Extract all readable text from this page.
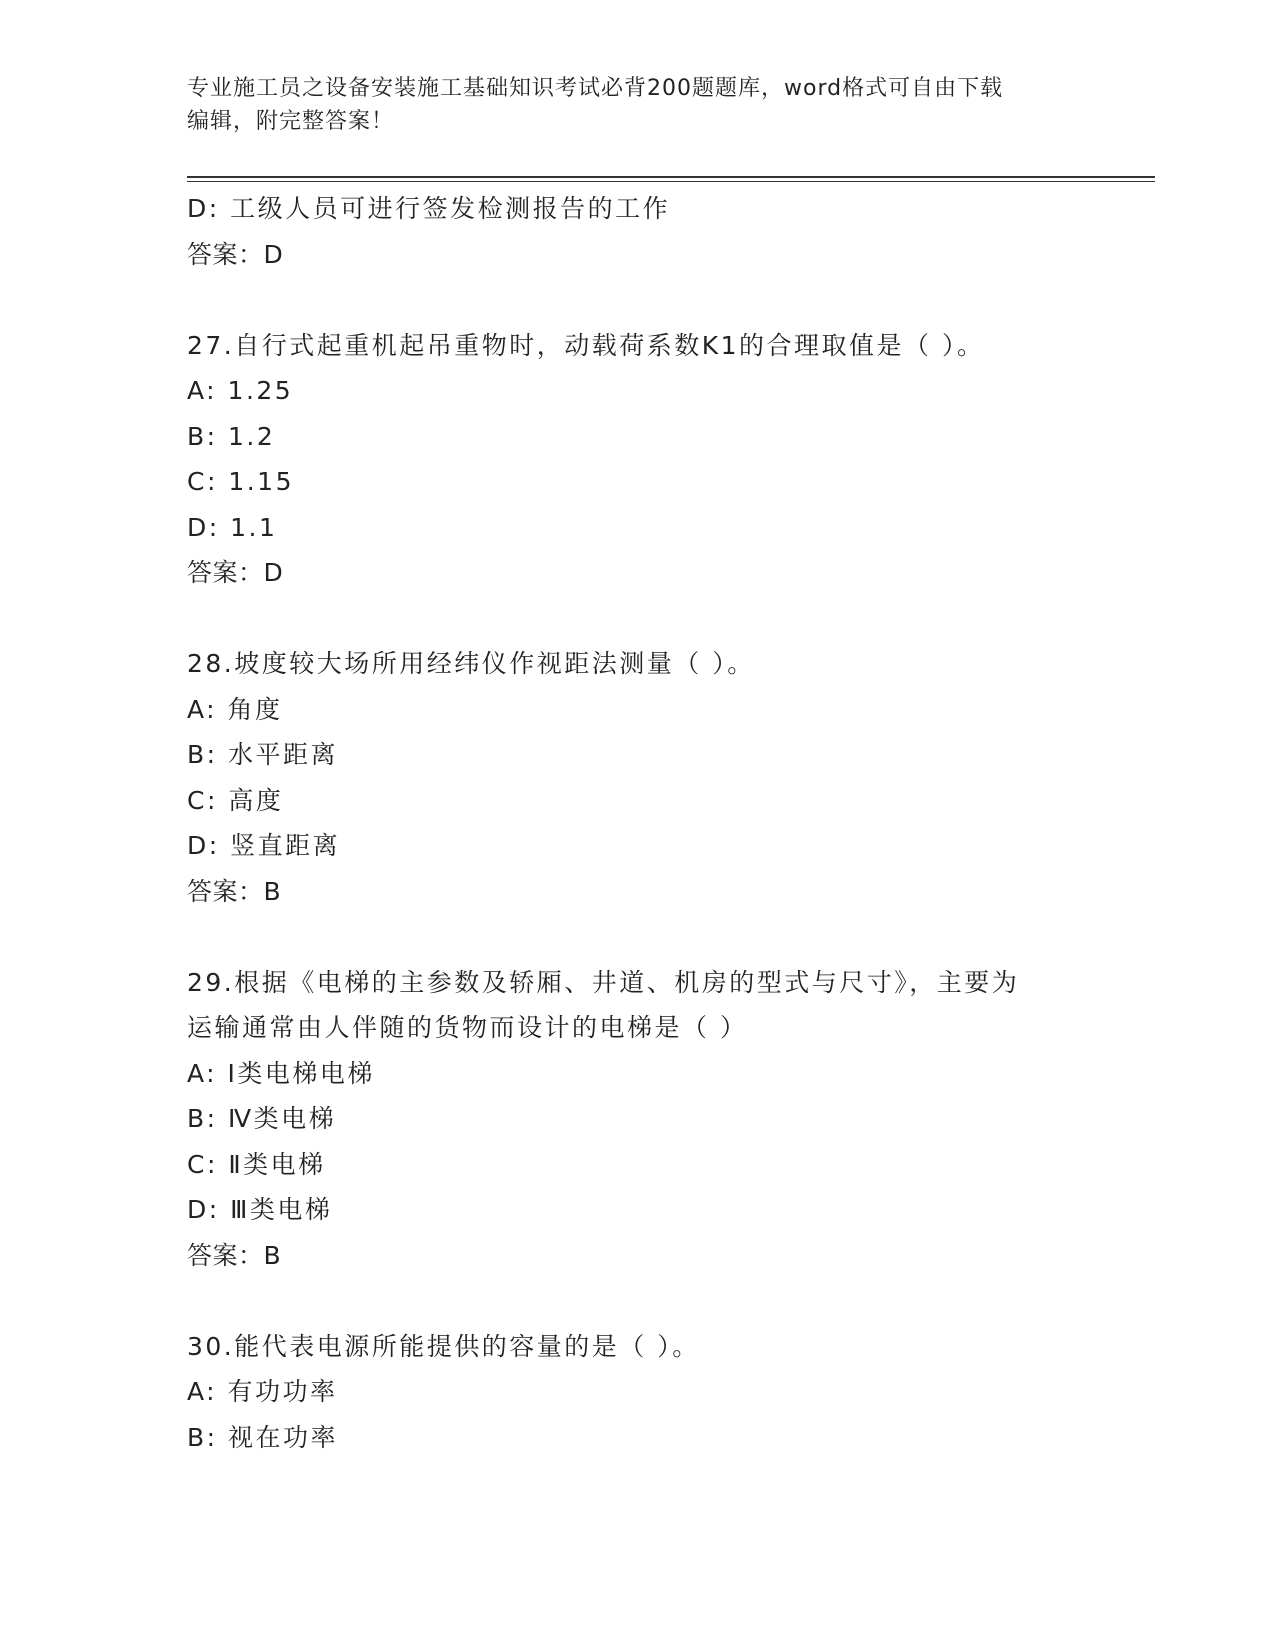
专业施工员之设备安装施工基础知识考试必背200题题库，word格式可自由下载
编辑，附完整答案！
D: 工级人员可进行签发检测报告的工作
答案：D
27.自行式起重机起吊重物时，动载荷系数K1的合理取值是（ ）。
A: 1.25
B: 1.2
C: 1.15
D: 1.1
答案：D
28.坡度较大场所用经纬仪作视距法测量（ ）。
A: 角度
B: 水平距离
C: 高度
D: 竖直距离
答案：B
29.根据《电梯的主参数及轿厢、井道、机房的型式与尺寸》，主要为
运输通常由人伴随的货物而设计的电梯是（ ）
A: Ⅰ类电梯电梯
B: Ⅳ类电梯
C: Ⅱ类电梯
D: Ⅲ类电梯
答案：B
30.能代表电源所能提供的容量的是（ ）。
A: 有功功率
B: 视在功率
